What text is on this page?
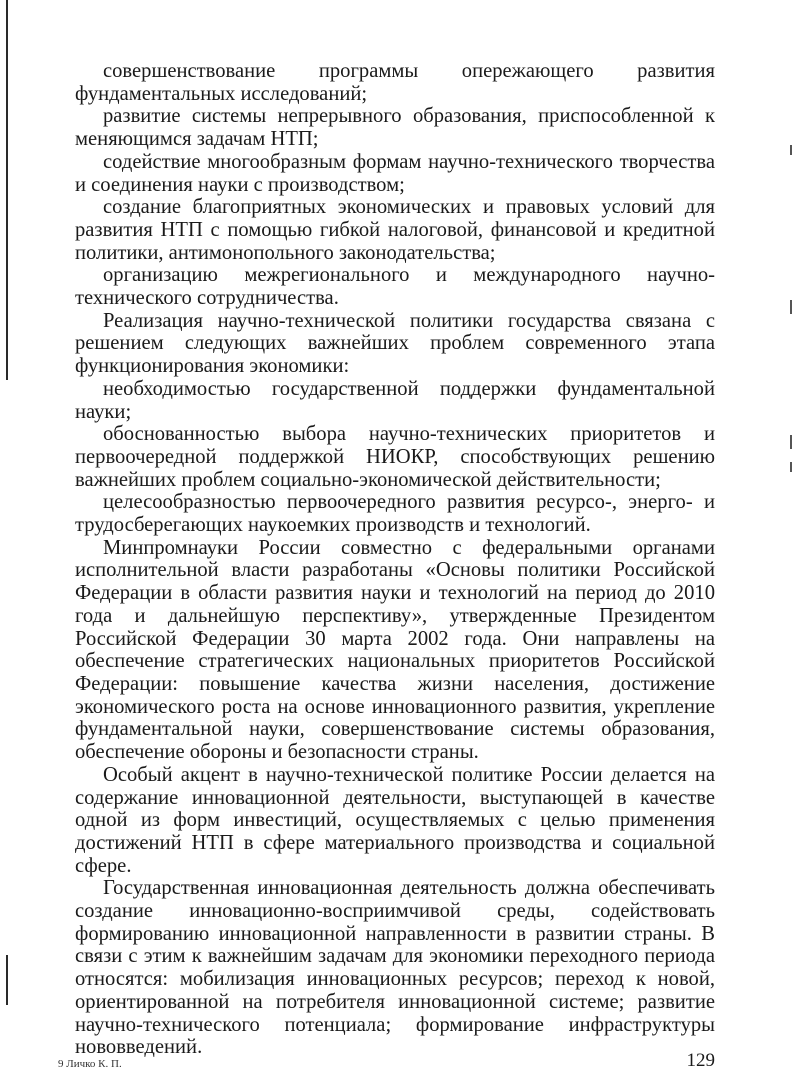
совершенствование программы опережающего развития фундаментальных исследований;

развитие системы непрерывного образования, приспособленной к меняющимся задачам НТП;

содействие многообразным формам научно-технического творчества и соединения науки с производством;

создание благоприятных экономических и правовых условий для развития НТП с помощью гибкой налоговой, финансовой и кредитной политики, антимонопольного законодательства;

организацию межрегионального и международного научно-технического сотрудничества.

Реализация научно-технической политики государства связана с решением следующих важнейших проблем современного этапа функционирования экономики:

необходимостью государственной поддержки фундаментальной науки;

обоснованностью выбора научно-технических приоритетов и первоочередной поддержкой НИОКР, способствующих решению важнейших проблем социально-экономической действительности;

целесообразностью первоочередного развития ресурсо-, энерго- и трудосберегающих наукоемких производств и технологий.

Минпромнауки России совместно с федеральными органами исполнительной власти разработаны «Основы политики Российской Федерации в области развития науки и технологий на период до 2010 года и дальнейшую перспективу», утвержденные Президентом Российской Федерации 30 марта 2002 года. Они направлены на обеспечение стратегических национальных приоритетов Российской Федерации: повышение качества жизни населения, достижение экономического роста на основе инновационного развития, укрепление фундаментальной науки, совершенствование системы образования, обеспечение обороны и безопасности страны.

Особый акцент в научно-технической политике России делается на содержание инновационной деятельности, выступающей в качестве одной из форм инвестиций, осуществляемых с целью применения достижений НТП в сфере материального производства и социальной сфере.

Государственная инновационная деятельность должна обеспечивать создание инновационно-восприимчивой среды, содействовать формированию инновационной направленности в развитии страны. В связи с этим к важнейшим задачам для экономики переходного периода относятся: мобилизация инновационных ресурсов; переход к новой, ориентированной на потребителя инновационной системе; развитие научно-технического потенциала; формирование инфраструктуры нововведений.

9 Личко К. П.	129
